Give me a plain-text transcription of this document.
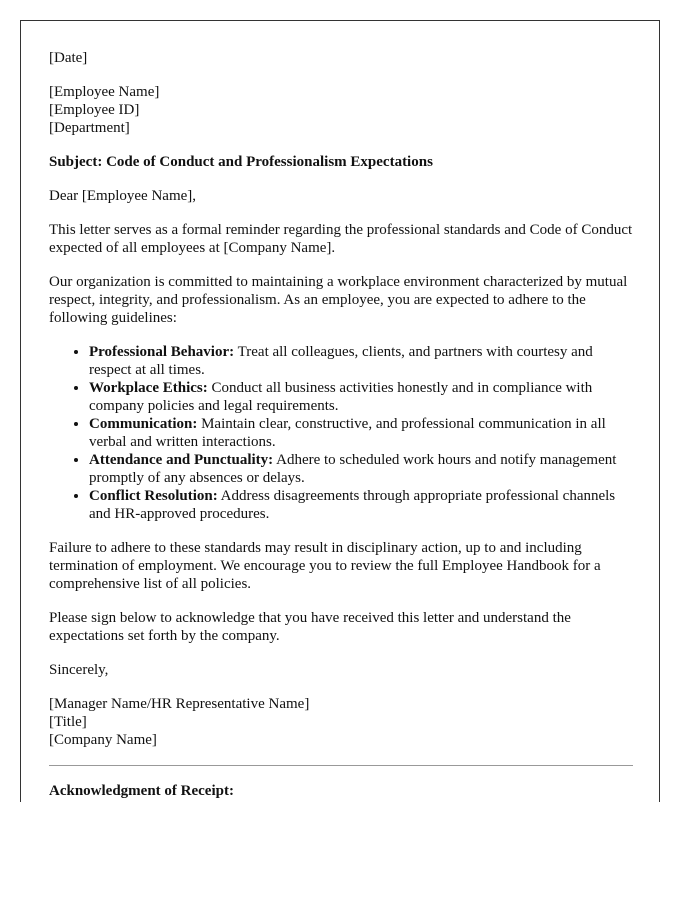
[Date]

[Employee Name]
[Employee ID]
[Department]

Subject: Code of Conduct and Professionalism Expectations

Dear [Employee Name],

This letter serves as a formal reminder regarding the professional standards and Code of Conduct expected of all employees at [Company Name].

Our organization is committed to maintaining a workplace environment characterized by mutual respect, integrity, and professionalism. As an employee, you are expected to adhere to the following guidelines:

• Professional Behavior: Treat all colleagues, clients, and partners with courtesy and respect at all times.
• Workplace Ethics: Conduct all business activities honestly and in compliance with company policies and legal requirements.
• Communication: Maintain clear, constructive, and professional communication in all verbal and written interactions.
• Attendance and Punctuality: Adhere to scheduled work hours and notify management promptly of any absences or delays.
• Conflict Resolution: Address disagreements through appropriate professional channels and HR-approved procedures.

Failure to adhere to these standards may result in disciplinary action, up to and including termination of employment. We encourage you to review the full Employee Handbook for a comprehensive list of all policies.

Please sign below to acknowledge that you have received this letter and understand the expectations set forth by the company.

Sincerely,

[Manager Name/HR Representative Name]
[Title]
[Company Name]

Acknowledgment of Receipt:
